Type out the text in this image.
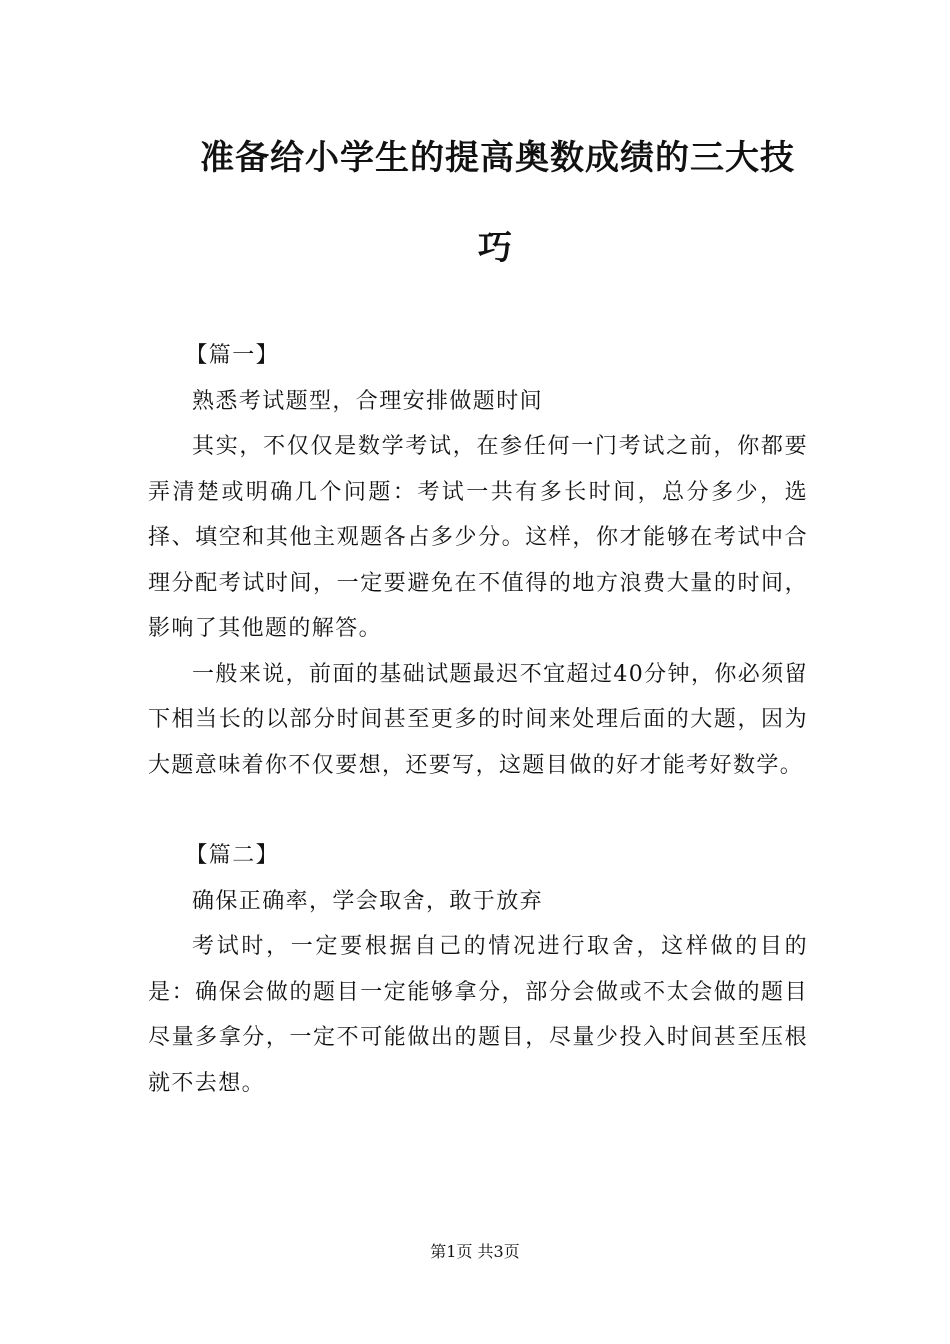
准备给小学生的提高奥数成绩的三大技
巧

【篇一】

熟悉考试题型，合理安排做题时间

其实，不仅仅是数学考试，在参任何一门考试之前，你都要弄清楚或明确几个问题：考试一共有多长时间，总分多少，选择、填空和其他主观题各占多少分。这样，你才能够在考试中合理分配考试时间，一定要避免在不值得的地方浪费大量的时间，影响了其他题的解答。

一般来说，前面的基础试题最迟不宜超过40分钟，你必须留下相当长的以部分时间甚至更多的时间来处理后面的大题，因为大题意味着你不仅要想，还要写，这题目做的好才能考好数学。

【篇二】

确保正确率，学会取舍，敢于放弃

考试时，一定要根据自己的情况进行取舍，这样做的目的是：确保会做的题目一定能够拿分，部分会做或不太会做的题目尽量多拿分，一定不可能做出的题目，尽量少投入时间甚至压根就不去想。

第1页 共3页
